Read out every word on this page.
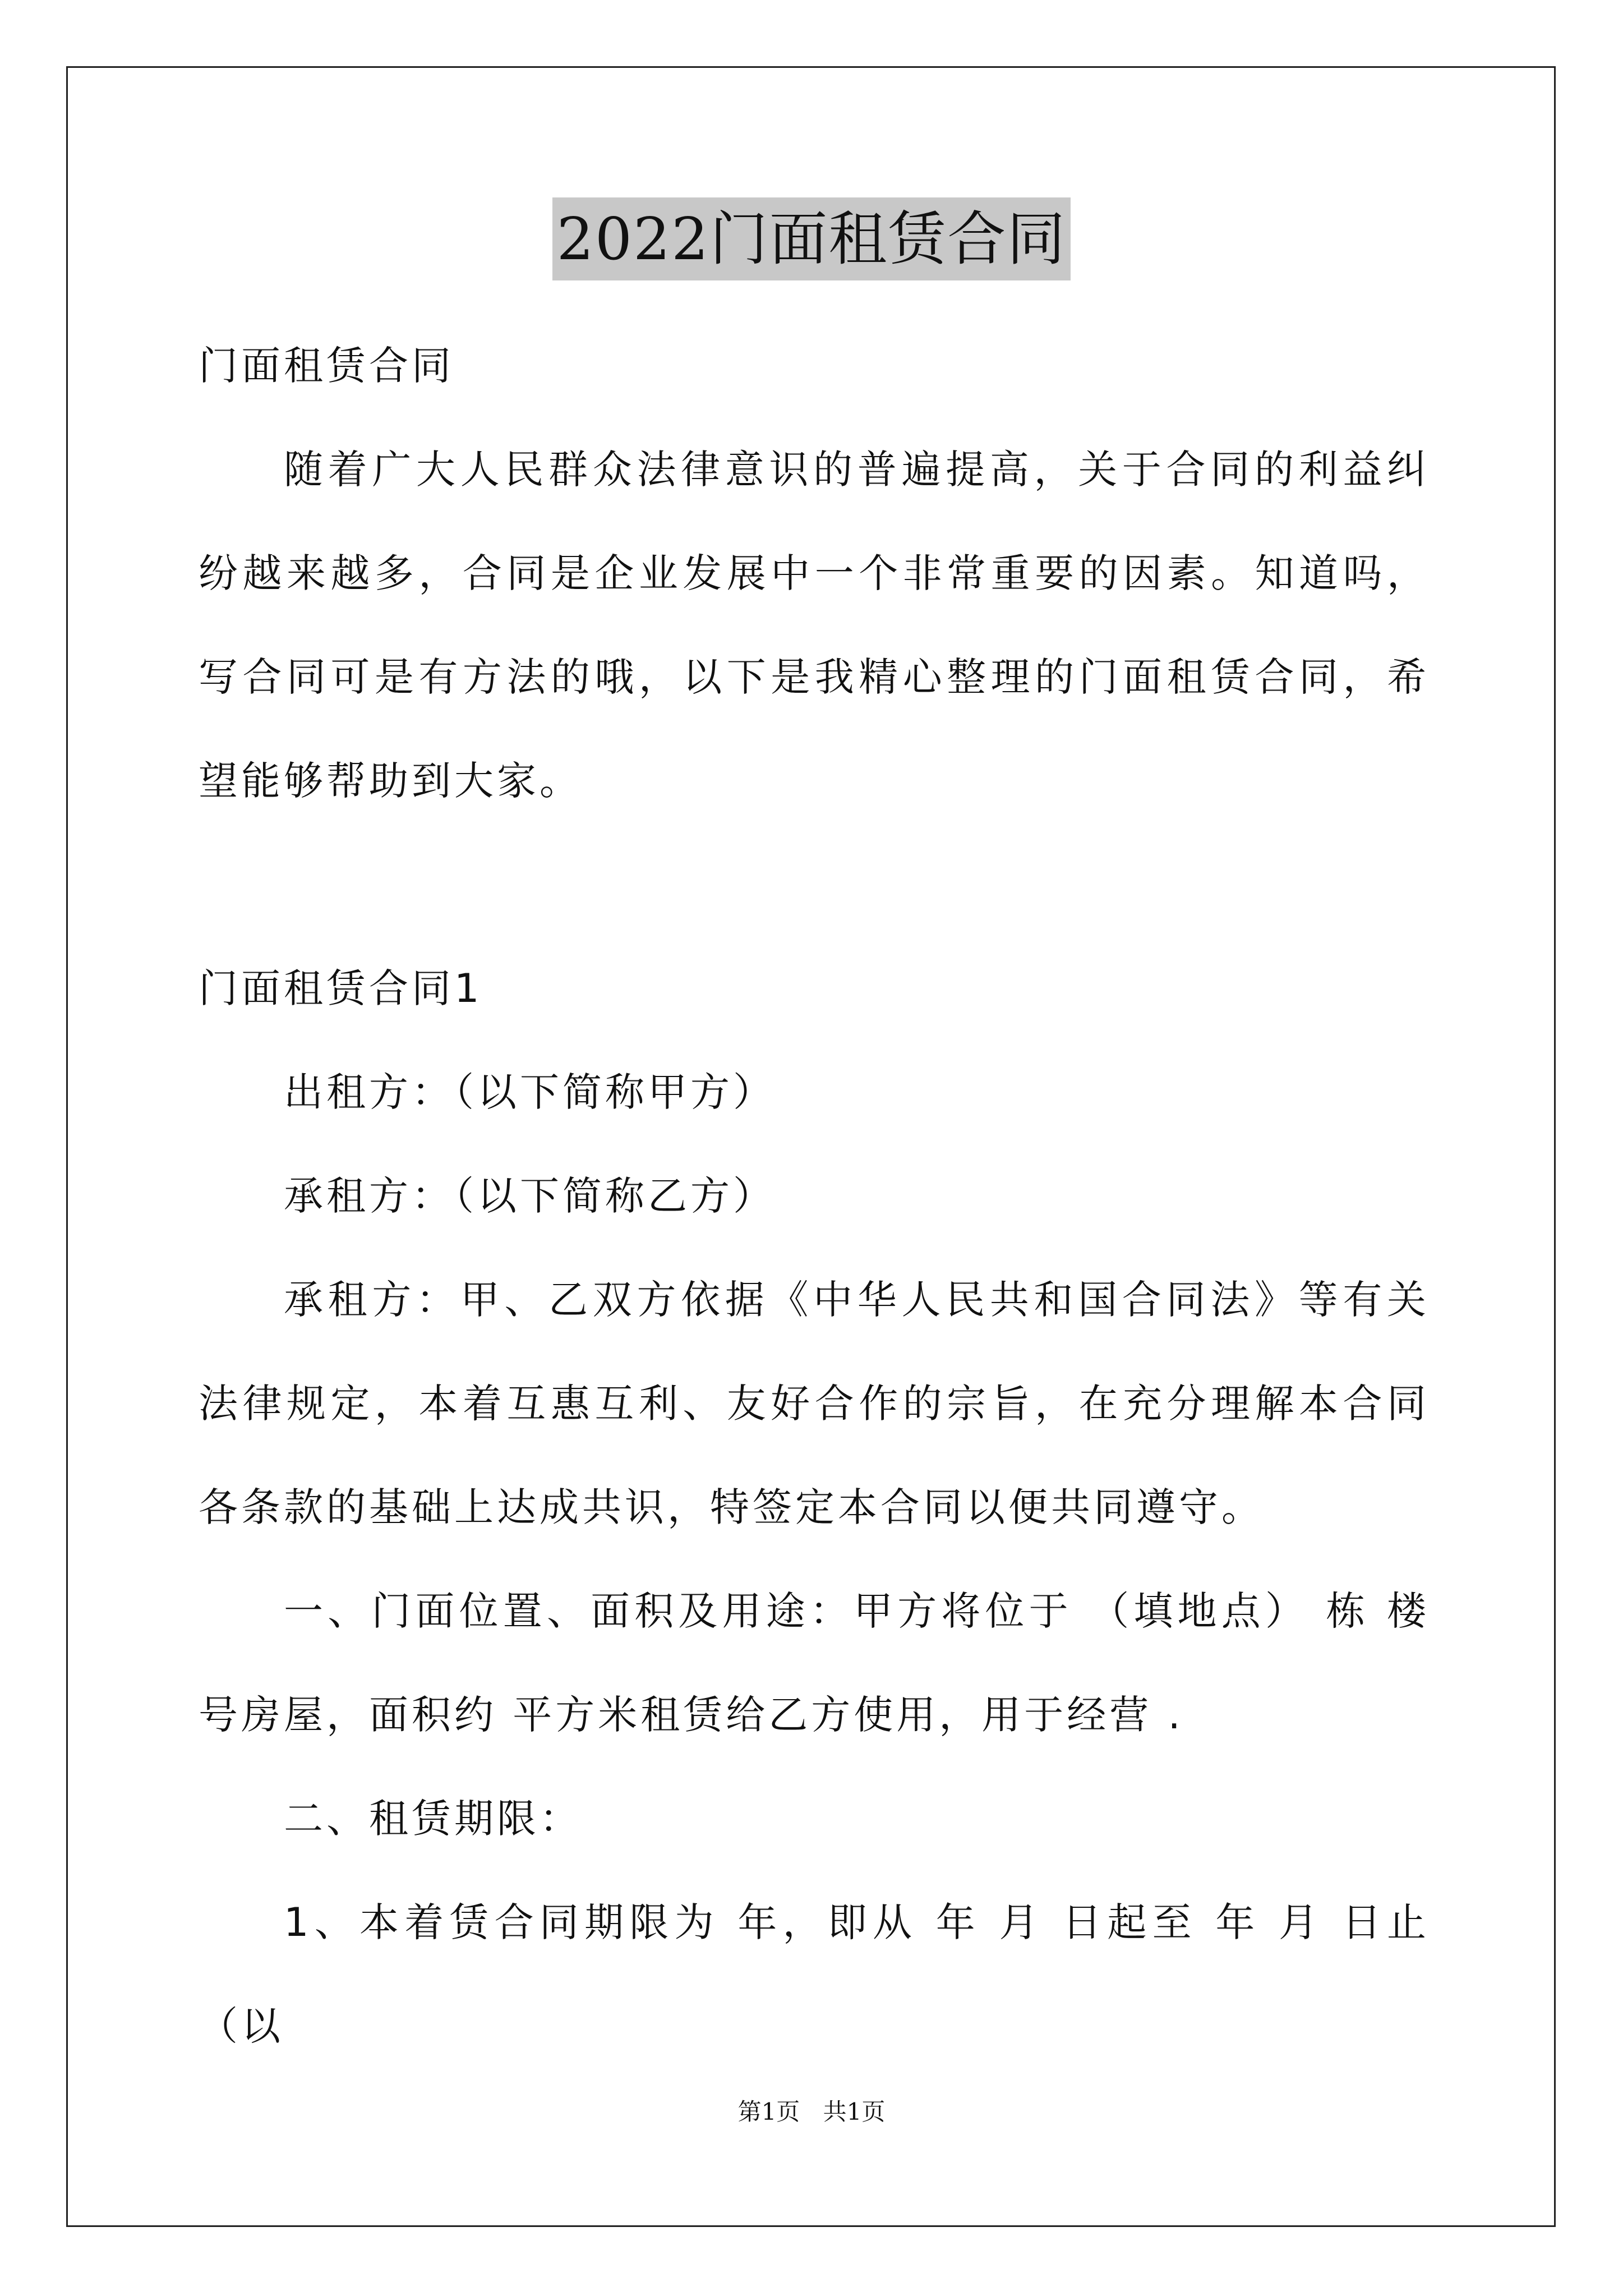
2022门面租赁合同

门面租赁合同

随着广大人民群众法律意识的普遍提高，关于合同的利益纠纷越来越多，合同是企业发展中一个非常重要的因素。知道吗，写合同可是有方法的哦，以下是我精心整理的门面租赁合同，希望能够帮助到大家。

门面租赁合同1

出租方：（以下简称甲方）

承租方：（以下简称乙方）

承租方：甲、乙双方依据《中华人民共和国合同法》等有关法律规定，本着互惠互利、友好合作的宗旨，在充分理解本合同各条款的基础上达成共识，特签定本合同以便共同遵守。

一、门面位置、面积及用途：甲方将位于 （填地点） 栋 楼 号房屋，面积约 平方米租赁给乙方使用，用于经营 .

二、租赁期限：

1、本着赁合同期限为 年，即从 年 月 日起至 年 月 日止（以

第1页 共1页
